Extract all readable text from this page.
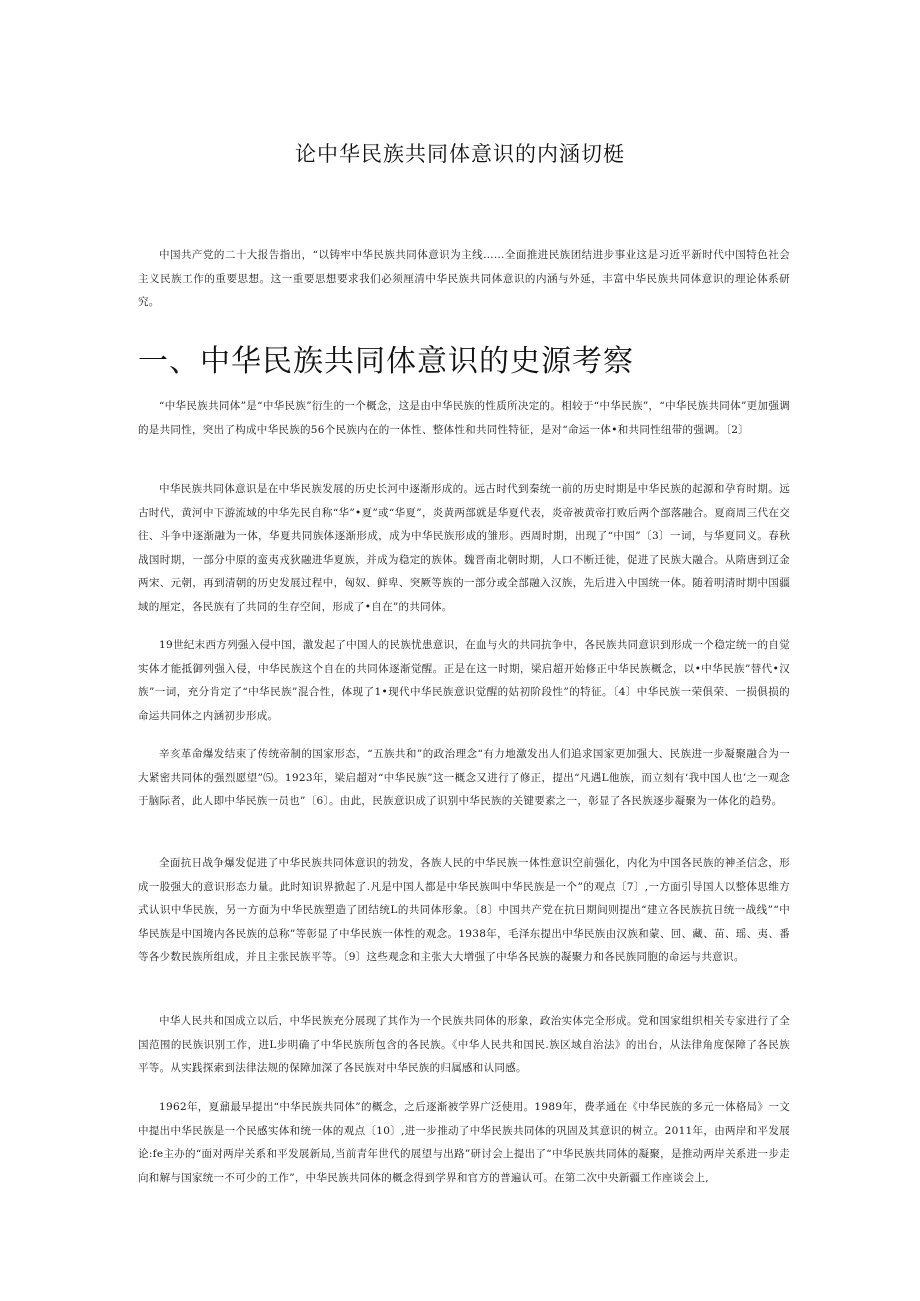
论中华民族共同体意识的内涵切梃

中国共产党的二十大报告指出，“以铸牢中华民族共同体意识为主线……全面推进民族团结进步事业这是习近平新时代中国特色社会主义民族工作的重要思想。这一重要思想要求我们必须厘清中华民族共同体意识的内涵与外延，丰富中华民族共同体意识的理论体系研究。

一、中华民族共同体意识的史源考察

“中华民族共同体”是“中华民族”衍生的一个概念，这是由中华民族的性质所决定的。相较于“中华民族”，“中华民族共同体”更加强调的是共同性，突出了构成中华民族的56个民族内在的一体性、整体性和共同性特征，是对“命运一体•和共同性纽带的强调。〔2〕

中华民族共同体意识是在中华民族发展的历史长河中逐渐形成的。远古时代到秦统一前的历史时期是中华民族的起源和孕育时期。远古时代，黄河中下游流域的中华先民自称“华”•夏”或“华夏”，炎黄两部就是华夏代表，炎帝被黄帝打败后两个部落融合。夏商周三代在交往、斗争中逐渐融为一体，华夏共同族体逐渐形成，成为中华民族形成的雏形。西周时期，出现了“中国”〔3〕一词，与华夏同义。春秋战国时期，一部分中原的蛮夷戎狄融进华夏族，并成为稳定的族体。魏晋南北朝时期，人口不断迁徙，促进了民族大融合。从隋唐到辽金两宋、元朝，再到清朝的历史发展过程中，匈奴、鲜卑、突厥等族的一部分或全部融入汉族，先后进入中国统一体。随着明清时期中国疆域的厘定，各民族有了共同的生存空间，形成了•自在”的共同体。

19世纪末西方列强入侵中国，激发起了中国人的民族忧患意识，在血与火的共同抗争中，各民族共同意识到形成一个稳定统一的自觉实体才能抵御列强入侵，中华民族这个自在的共同体逐渐觉醒。正是在这一时期，梁启超开始修正中华民族概念，以•中华民族”替代•汉族”一词，充分肯定了“中华民族”混合性，体现了1•现代中华民族意识觉醒的姑初阶段性”的特征。〔4〕中华民族一荣俱荣、一损俱损的命运共同体之内涵初步形成。

辛亥革命爆发结束了传统帝制的国家形态，“五族共和”的政治理念“有力地激发出人们追求国家更加强大、民族进一步凝聚融合为一大紧密共同体的强烈愿望”⑸。1923年，梁启超对“中华民族”这一概念又进行了修正，提出“凡遇L他族，而立刻有‘我中国人也’之一观念于脑际者，此人即中华民族一员也”〔6〕。由此，民族意识成了识别中华民族的关键要素之一，彰显了各民族逐步凝聚为一体化的趋势。

全面抗日战争爆发促进了中华民族共同体意识的勃发，各族人民的中华民族一体性意识空前强化，内化为中国各民族的神圣信念，形成一股强大的意识形态力量。此时知识界掀起了.凡是中国人都是中华民族叫中华民族是一个”的观点〔7〕,一方面引导国人以整体思维方式认识中华民族，另一方面为中华民族塑造了团结统L的共同体形象。〔8〕中国共产党在抗日期间则提出“建立各民族抗日统一战线”“中华民族是中国境内各民族的总称”等彰显了中华民族一体性的观念。1938年，毛泽东提出中华民族由汉族和蒙、回、藏、苗、瑶、夷、番等各少数民族所组成，并且主张民族平等。〔9〕这些观念和主张大大增强了中华各民族的凝聚力和各民族同胞的命运与共意识。

中华人民共和国成立以后，中华民族充分展现了其作为一个民族共同体的形象，政治实体完全形成。党和国家组织相关专家进行了全国范围的民族识别工作，进L步明确了中华民族所包含的各民族。《中华人民共和国民.族区域自治法》的出台，从法律角度保障了各民族平等。从实践探索到法律法规的保障加深了各民族对中华民族的归属感和认同感。

1962年，夏鼐最早提出“中华民族共同体”的概念，之后逐渐被学界广泛使用。1989年，费孝通在《中华民族的多元一体格局》一文中提出中华民族是一个民感实体和统一体的观点〔10〕,进一步推动了中华民族共同体的巩固及其意识的树立。2011年，由两岸和平发展论:fe主办的“面对两岸关系和平发展新局,当前青年世代的展望与出路”研讨会上提出了“中华民族共同体的凝聚，是推动两岸关系进一步走向和解与国家统一不可少的工作”，中华民族共同体的概念得到学界和官方的普遍认可。在第二次中央新疆工作座谈会上,
